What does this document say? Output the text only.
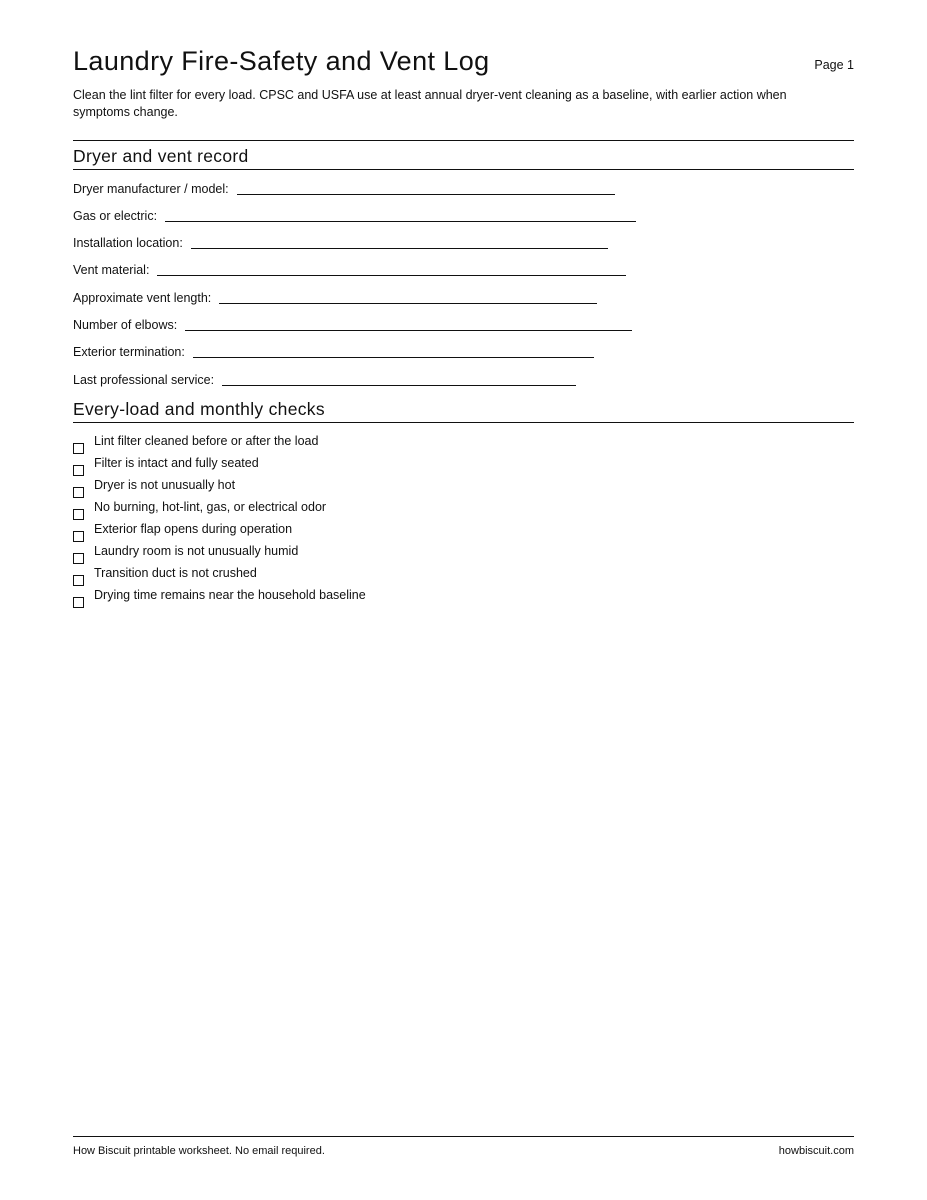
Laundry Fire-Safety and Vent Log	Page 1

Clean the lint filter for every load. CPSC and USFA use at least annual dryer-vent cleaning as a baseline, with earlier action when symptoms change.

Dryer and vent record
Dryer manufacturer / model:
Gas or electric:
Installation location:
Vent material:
Approximate vent length:
Number of elbows:
Exterior termination:
Last professional service:
Every-load and monthly checks
Lint filter cleaned before or after the load
Filter is intact and fully seated
Dryer is not unusually hot
No burning, hot-lint, gas, or electrical odor
Exterior flap opens during operation
Laundry room is not unusually humid
Transition duct is not crushed
Drying time remains near the household baseline
How Biscuit printable worksheet. No email required.	howbiscuit.com
